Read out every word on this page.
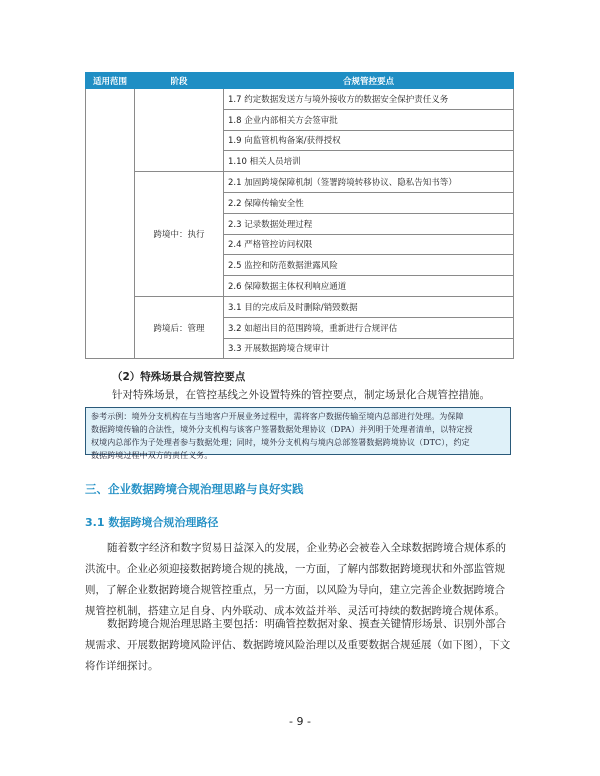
适用范围	阶段	合规管控要点
		1.7 约定数据发送方与境外接收方的数据安全保护责任义务
		1.8 企业内部相关方会签审批
		1.9 向监管机构备案/获得授权
		1.10 相关人员培训
	跨境中：执行	2.1 加固跨境保障机制（签署跨境转移协议、隐私告知书等）
		2.2 保障传输安全性
		2.3 记录数据处理过程
		2.4 严格管控访问权限
		2.5 监控和防范数据泄露风险
		2.6 保障数据主体权利响应通道
	跨境后：管理	3.1 目的完成后及时删除/销毁数据
		3.2 如超出目的范围跨境，重新进行合规评估
		3.3 开展数据跨境合规审计
（2）特殊场景合规管控要点
针对特殊场景，在管控基线之外设置特殊的管控要点，制定场景化合规管控措施。
参考示例：境外分支机构在与当地客户开展业务过程中，需将客户数据传输至境内总部进行处理。为保障
数据跨境传输的合法性，境外分支机构与该客户签署数据处理协议（DPA）并列明于处理者清单，以特定授
权境内总部作为子处理者参与数据处理；同时，境外分支机构与境内总部签署数据跨境协议（DTC），约定
数据跨境过程中双方的责任义务。
三、企业数据跨境合规治理思路与良好实践
3.1 数据跨境合规治理路径
随着数字经济和数字贸易日益深入的发展，企业势必会被卷入全球数据跨境合规体系的洪流中。企业必须迎接数据跨境合规的挑战，一方面，了解内部数据跨境现状和外部监管规则，了解企业数据跨境合规管控重点，另一方面，以风险为导向，建立完善企业数据跨境合规管控机制，搭建立足自身、内外联动、成本效益并举、灵活可持续的数据跨境合规体系。
数据跨境合规治理思路主要包括：明确管控数据对象、摸查关键情形场景、识别外部合规需求、开展数据跨境风险评估、数据跨境风险治理以及重要数据合规延展（如下图），下文将作详细探讨。
- 9 -
